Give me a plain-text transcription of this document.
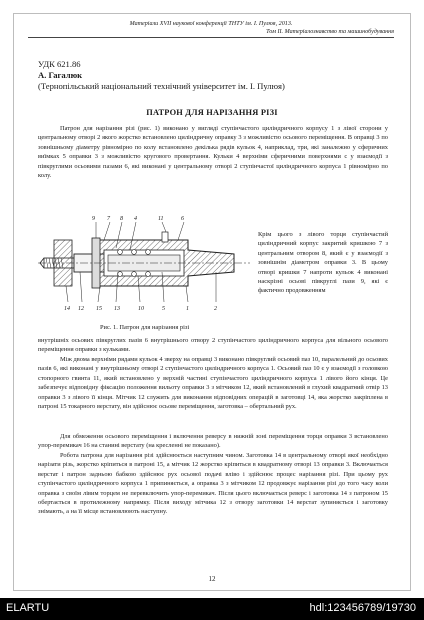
Матеріали XVII наукової конференції ТНТУ ім. І. Пулюя, 2013.
Том ІІ. Матеріалознавство та машинобудування
УДК 621.86
А. Гагалюк
(Тернопільський національний технічний університет ім. І. Пулюя)
ПАТРОН ДЛЯ НАРІЗАННЯ РІЗІ

Патрон для нарізання різі (рис. 1) виконано у вигляді ступінчастого циліндричного корпусу 1 з лівої сторони у центральному отворі 2 якого жорстко встановлено циліндричну оправку 3 з можливістю осьового переміщення. В оправці 3 по зовнішньому діаметру рівномірно по колу встановлено декілька рядів кульок 4, наприклад, три, які заналежно у сферичних виїмках 5 оправки 3 з можливістю кругового провертання. Кульки 4 верхніми сферичними поверхнями с у взаємодії з півкруглими осьовими пазами 6, які виконані у центральному отворі 2 ступінчастої циліндричного корпуса 1 рівномірно по колу.

9 7 8 4	11	6
14 12 15 13	10	5	1	2
Рис. 1. Патрон для нарізання різі

Крім цього з лівого торця ступінчастий циліндричний корпус закритий кришкою 7 з центральним отвором 8, який є у взаємодії з зовнішнім діаметром оправки 3. В цьому отворі кришки 7 напроти кульок 4 виконані наскрізні осьові півкруглі пази 9, які є фактично продовженням

внутрішніх осьових півкруглих пазів 6 внутрішнього отвору 2 ступінчастого циліндричного корпуса для вільного осьового переміщення оправки з кульками.

Між двома верхніми рядами кульок 4 зверху на оправці 3 виконано півкруглий осьовий паз 10, паралельний до осьових пазів 6, які виконані у внутрішньому отворі 2 ступінчастого циліндричного корпуса 1. Осьовий паз 10 є у взаємодії з головкою стопорного гвинта 11, який встановлено у верхній частині ступінчастого циліндричного корпуса 1 лівого його кінця. Це забезпечує відповідну фіксацію положення вильоту оправки 3 з мітчиком 12, який встановлений в глухий квадратний отвір 13 оправки 3 з лівого її кінця. Мітчик 12 служить для виконання відповідних операцій в заготовці 14, яка жорстко закріплена в патроні 15 токарного верстату, він здійснює осьове переміщення, заготовка – обертальний рух.

Для обмеження осьового переміщення і включення реверсу в нижній зоні переміщення торця оправки 3 встановлено упор-перемикач 16 на станині верстату (на кресленні не показано).

Робота патрона для нарізання різі здійснюється наступним чином. Заготовка 14 в центральному отворі якої необхідно нарізати різь, жорстко кріпиться в патроні 15, а мітчик 12 жорстко кріпиться в квадратному отворі 13 оправки 3. Включається верстат і патрон задньою бабкою здійснює рух осьової подачі вліво і здійснює процес нарізання різі. При цьому рух ступінчастого циліндричного корпуса 1 припиняється, а оправка 3 з мітчиком 12 продовжує нарізання різі до того часу коли оправка з своїм лівим торцем не перевключить упор-перемикач. Після цього включається реверс і заготовка 14 з патроном 15 обертається в протилежному напрямку. Після виходу мітчика 12 з отвору заготовки 14 верстат зупиняється і заготовку знімають, а на її місце встановлюють наступну.

12
ELARTU	hdl:123456789/19730
